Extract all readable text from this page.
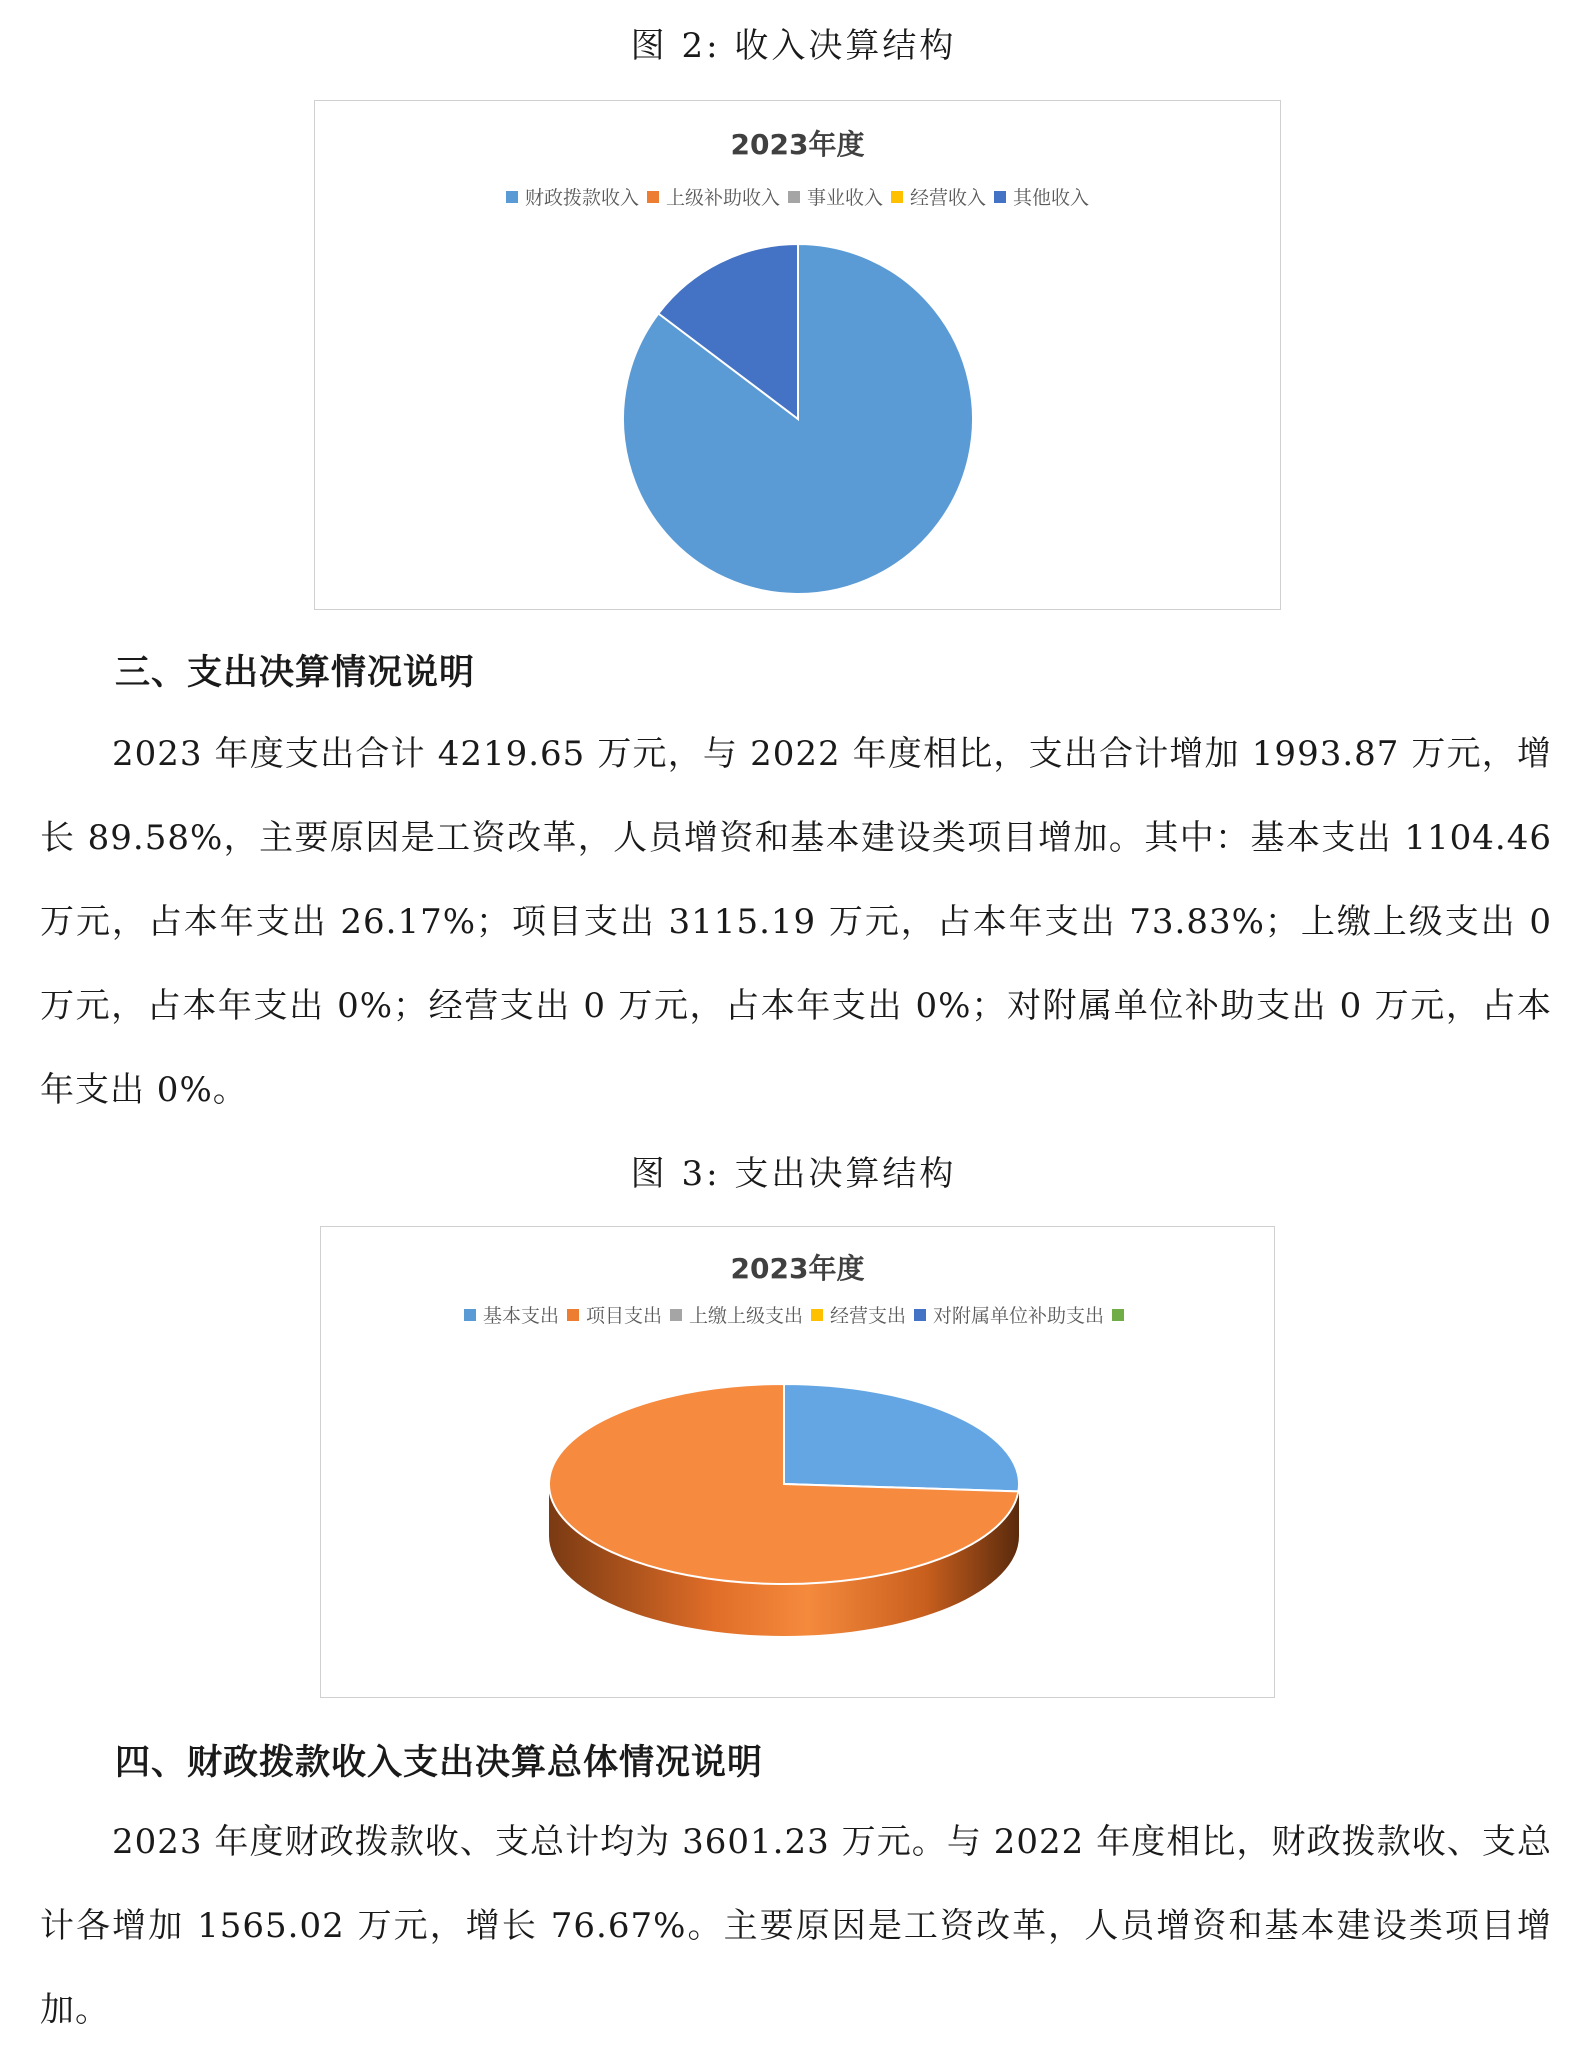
图 2: 收入决算结构
2023年度
财政拨款收入 上级补助收入 事业收入 经营收入 其他收入
三、支出决算情况说明
2023 年度支出合计 4219.65 万元，与 2022 年度相比，支出合计增加 1993.87 万元，增长 89.58%，主要原因是工资改革，人员增资和基本建设类项目增加。其中：基本支出 1104.46 万元，占本年支出 26.17%；项目支出 3115.19 万元，占本年支出 73.83%；上缴上级支出 0 万元，占本年支出 0%；经营支出 0 万元，占本年支出 0%；对附属单位补助支出 0 万元，占本年支出 0%。
图 3: 支出决算结构
2023年度
基本支出 项目支出 上缴上级支出 经营支出 对附属单位补助支出
四、财政拨款收入支出决算总体情况说明
2023 年度财政拨款收、支总计均为 3601.23 万元。与 2022 年度相比，财政拨款收、支总计各增加 1565.02 万元，增长 76.67%。主要原因是工资改革，人员增资和基本建设类项目增加。
